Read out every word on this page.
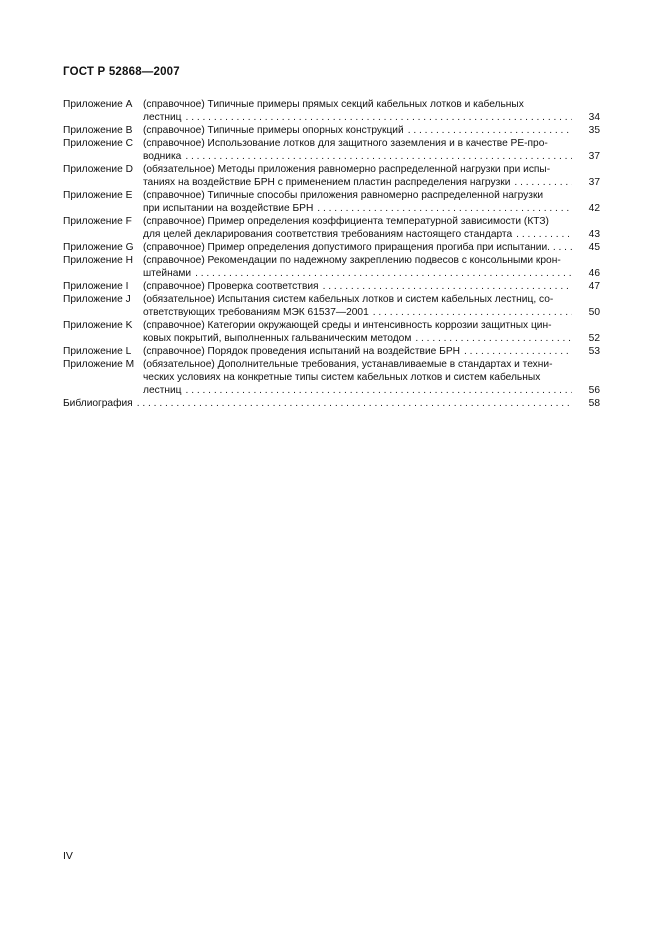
ГОСТ Р 52868—2007
Приложение A	(справочное) Типичные примеры прямых секций кабельных лотков и кабельных
лестниц . . .	34
Приложение B	(справочное) Типичные примеры опорных конструкций . . .	35
Приложение C (справочное) Использование лотков для защитного заземления и в качестве PE-про-
водника . . .	37
Приложение D (обязательное) Методы приложения равномерно распределенной нагрузки при испы-
таниях на воздействие БРН с применением пластин распределения нагрузки . . .	37
Приложение E	(справочное) Типичные способы приложения равномерно распределенной нагрузки
при испытании на воздействие БРН . . .	42
Приложение F	(справочное) Пример определения коэффициента температурной зависимости (КТЗ)
для целей декларирования соответствия требованиям настоящего стандарта . . .	43
Приложение G (справочное) Пример определения допустимого приращения прогиба при испытании . . .	45
Приложение H (справочное) Рекомендации по надежному закреплению подвесов с консольными крон-
штейнами . . .	46
Приложение I	(справочное) Проверка соответствия . . .	47
Приложение J	(обязательное) Испытания систем кабельных лотков и систем кабельных лестниц, со-
ответствующих требованиям МЭК 61537—2001 . . .	50
Приложение K	(справочное) Категории окружающей среды и интенсивность коррозии защитных цин-
ковых покрытий, выполненных гальваническим методом . . .	52
Приложение L	(справочное) Порядок проведения испытаний на воздействие БРН . . .	53
Приложение M (обязательное) Дополнительные требования, устанавливаемые в стандартах и техни-
ческих условиях на конкретные типы систем кабельных лотков и систем кабельных
лестниц . . .	56
Библиография . . .	58
IV
